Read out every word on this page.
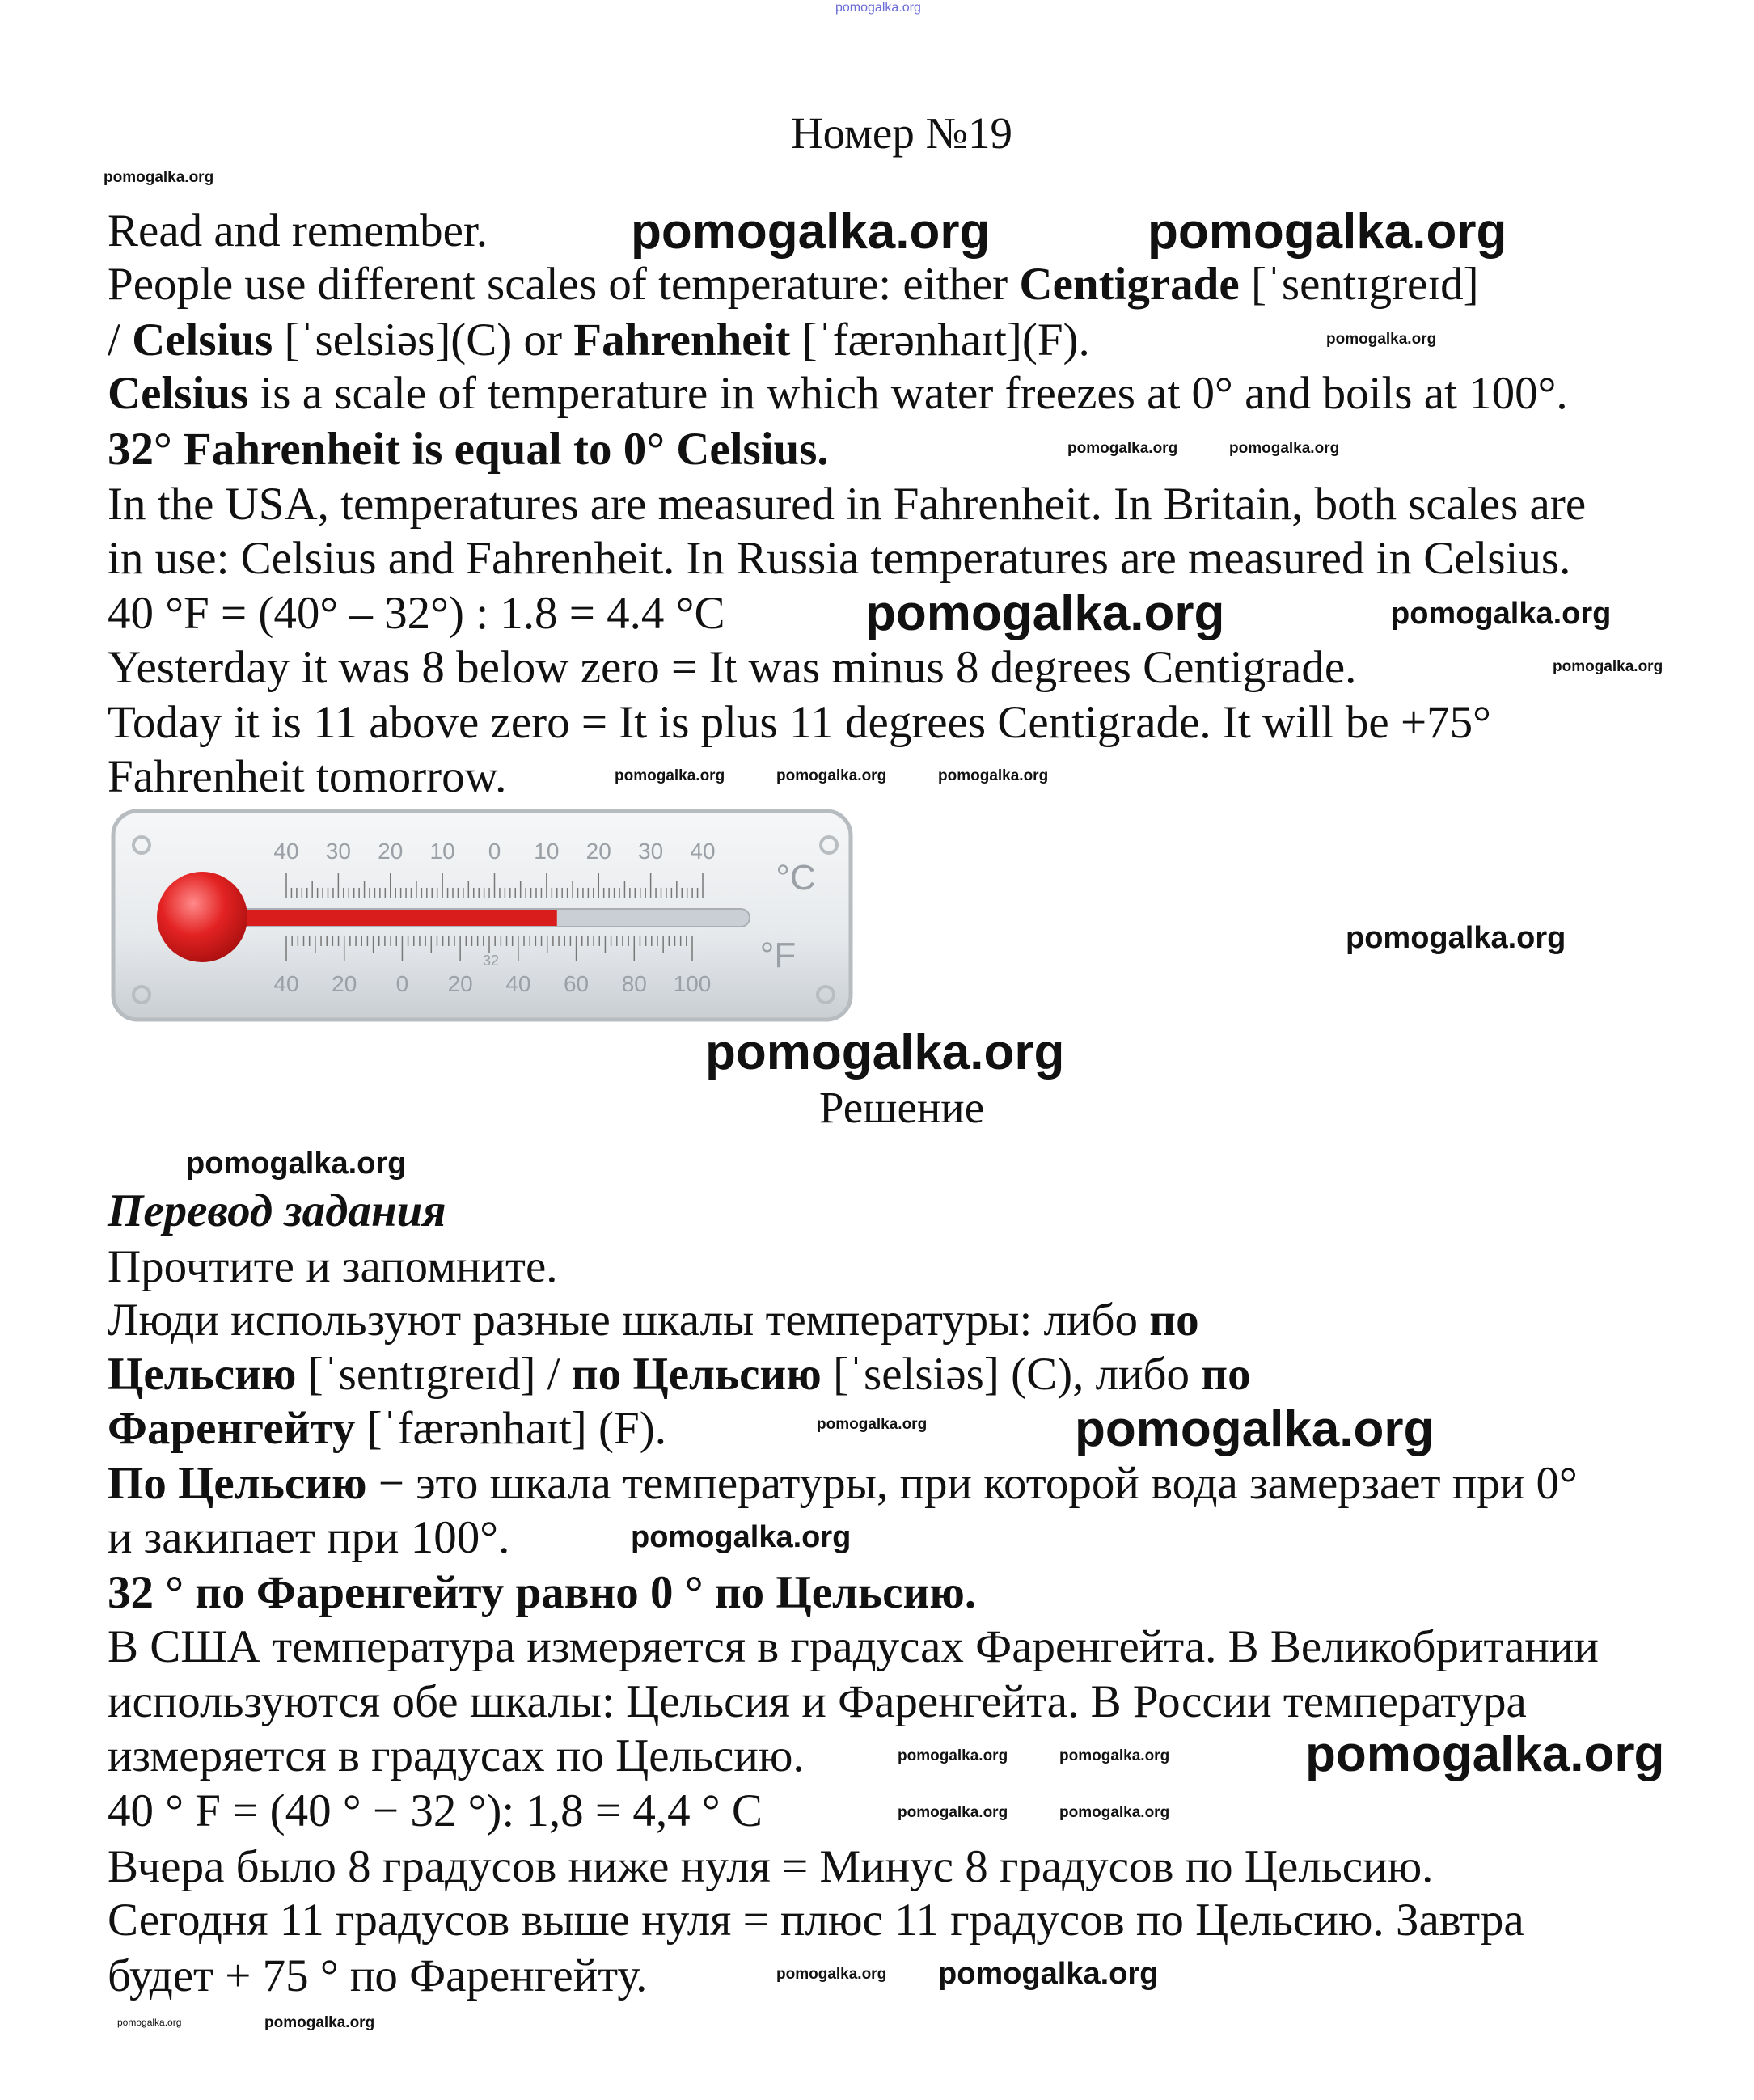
pomogalka.org
pomogalka.org
pomogalka.org	pomogalka.org
pomogalka.org
pomogalka.org	pomogalka.org
pomogalka.org
pomogalka.org
pomogalka.org
pomogalka.org
pomogalka.org	pomogalka.org
pomogalka.org
pomogalka.org
pomogalka.org
pomogalka.org	pomogalka.org
pomogalka.org
pomogalka.org
pomogalka.org
pomogalka.org	pomogalka.org
pomogalka.org
pomogalka.org
pomogalka.org	pomogalka.org
pomogalka.org
Номер №19
Read and remember.
People use different scales of temperature: either Centigrade [ˈsentɪgreɪd]
/ Celsius [ˈselsiəs](C) or Fahrenheit [ˈfærənhaɪt](F).
Celsius is a scale of temperature in which water freezes at 0° and boils at 100°.
32° Fahrenheit is equal to 0° Celsius.
In the USA, temperatures are measured in Fahrenheit. In Britain, both scales are
in use: Celsius and Fahrenheit. In Russia temperatures are measured in Celsius.
40 °F = (40° – 32°) : 1.8 = 4.4 °C
Yesterday it was 8 below zero = It was minus 8 degrees Centigrade.
Today it is 11 above zero = It is plus 11 degrees Centigrade. It will be +75°
Fahrenheit tomorrow.
40 30 20 10 0 10 20 30 40
40 20 0 20 40 60 80 100
32
°C
°F
Решение
Перевод задания
Прочтите и запомните.
Люди используют разные шкалы температуры: либо по
Цельсию [ˈsentɪgreɪd] / по Цельсию [ˈselsiəs] (C), либо по
Фаренгейту [ˈfærənhaɪt] (F).
По Цельсию − это шкала температуры, при которой вода замерзает при 0°
и закипает при 100°.
32 ° по Фаренгейту равно 0 ° по Цельсию.
В США температура измеряется в градусах Фаренгейта. В Великобритании
используются обе шкалы: Цельсия и Фаренгейта. В России температура
измеряется в градусах по Цельсию.
40 ° F = (40 ° − 32 °): 1,8 = 4,4 ° C
Вчера было 8 градусов ниже нуля = Минус 8 градусов по Цельсию.
Сегодня 11 градусов выше нуля = плюс 11 градусов по Цельсию. Завтра
будет + 75 ° по Фаренгейту.
